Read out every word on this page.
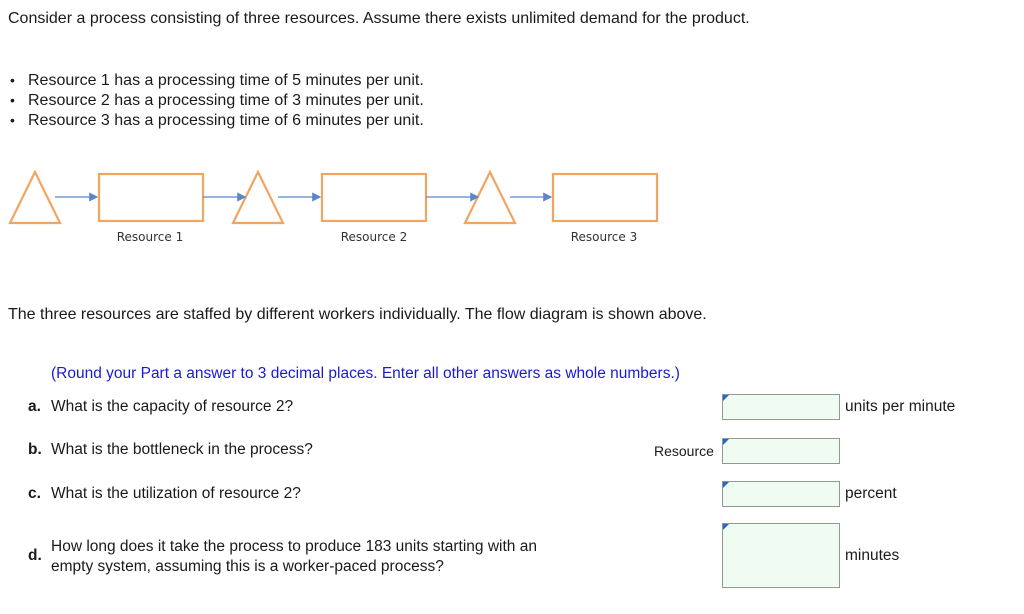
Consider a process consisting of three resources. Assume there exists unlimited demand for the product.
• Resource 1 has a processing time of 5 minutes per unit.
• Resource 2 has a processing time of 3 minutes per unit.
• Resource 3 has a processing time of 6 minutes per unit.
Resource 1	Resource 2	Resource 3
The three resources are staffed by different workers individually. The flow diagram is shown above.
(Round your Part a answer to 3 decimal places. Enter all other answers as whole numbers.)
a. What is the capacity of resource 2?	units per minute
b. What is the bottleneck in the process?	Resource
c. What is the utilization of resource 2?	percent
d.
How long does it take the process to produce 183 units starting with an
empty system, assuming this is a worker-paced process?
minutes
